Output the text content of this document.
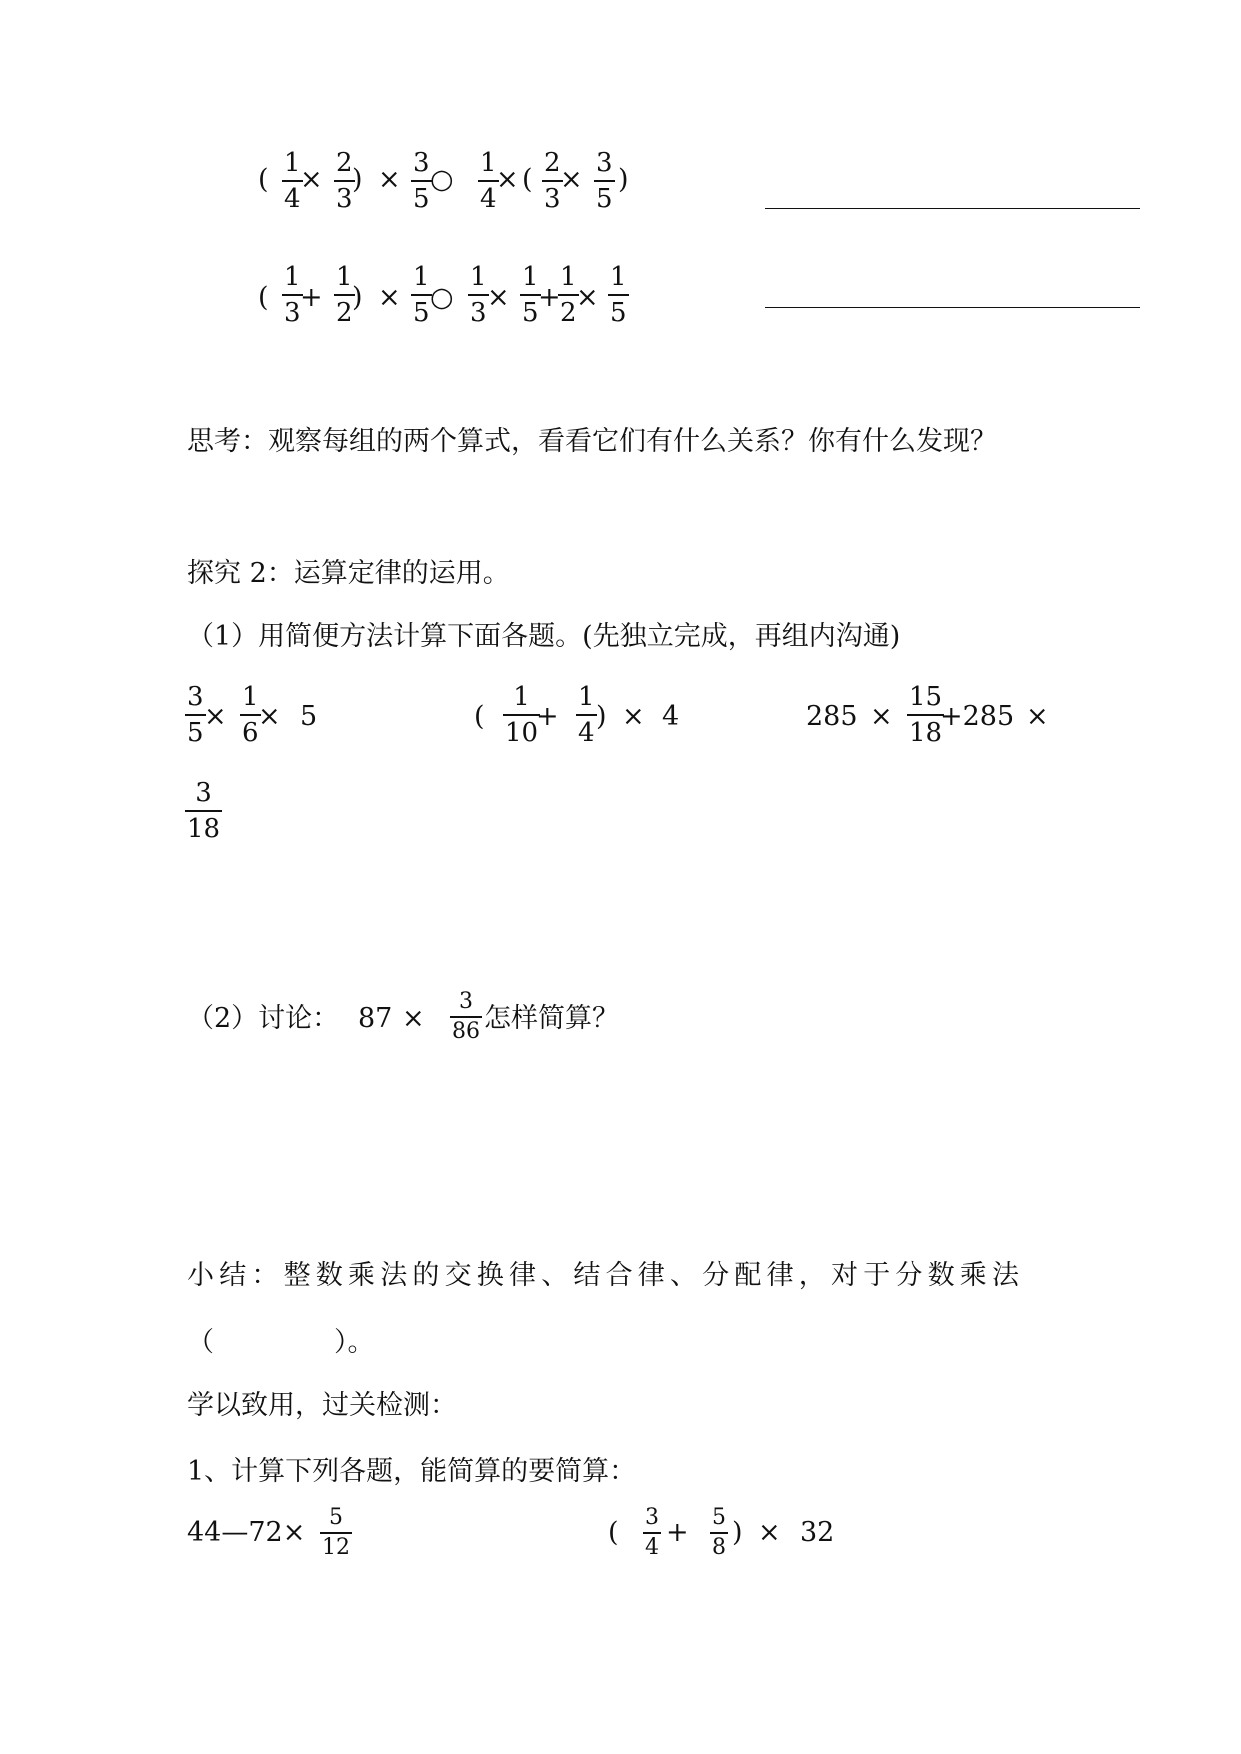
(
1
4
×
2
3
) ×
3
5
○
1
4
× (
2
3
×
3
5
)
(
1
3 +
1
2 ) ×
1
5 ○
1
3 ×
1
5 +
1
2 ×
1
5
思考：观察每组的两个算式，看看它们有什么关系？你有什么发现？
探究 2：运算定律的运用。
（1）用简便方法计算下面各题。(先独立完成，再组内沟通)
3
5
×
1
6
× 5	(
1
10
+
1
4
) × 4	285 ×
15
18
+285 ×
3
18
（2）讨论： 87 ×
3
86 怎样简算？
小结：整数乘法的交换律、结合律、分配律，对于分数乘法
（	）。
学以致用，过关检测：
1、计算下列各题，能简算的要简算：
44—72× 5
12	( 3
4 + 5
8 ) × 32
